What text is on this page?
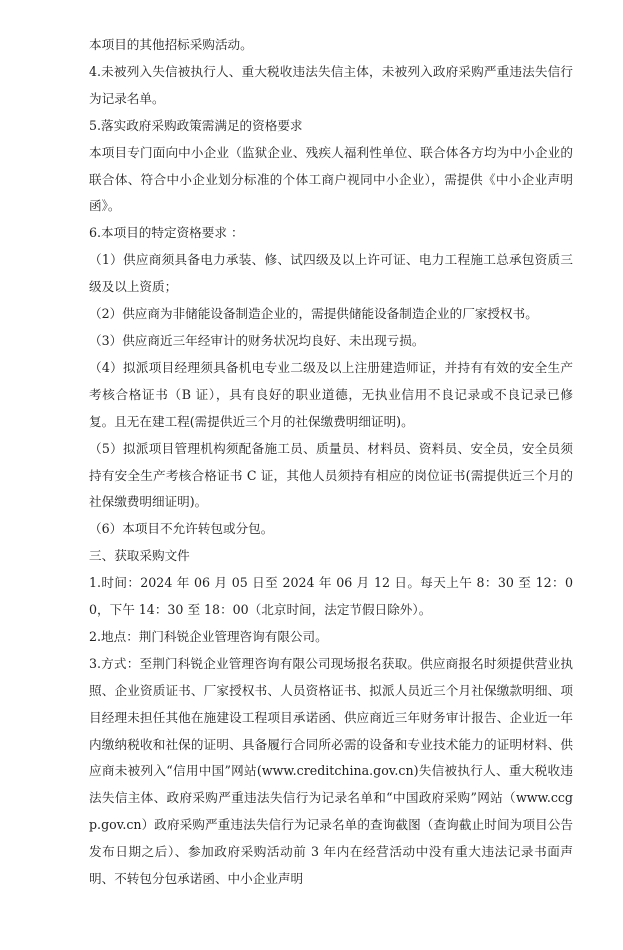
本项目的其他招标采购活动。

4.未被列入失信被执行人、重大税收违法失信主体，未被列入政府采购严重违法失信行为记录名单。

5.落实政府采购政策需满足的资格要求

本项目专门面向中小企业（监狱企业、残疾人福利性单位、联合体各方均为中小企业的联合体、符合中小企业划分标准的个体工商户视同中小企业），需提供《中小企业声明函》。

6.本项目的特定资格要求 ：

（1）供应商须具备电力承装、修、试四级及以上许可证、电力工程施工总承包资质三级及以上资质；

（2）供应商为非储能设备制造企业的，需提供储能设备制造企业的厂家授权书。

（3）供应商近三年经审计的财务状况均良好、未出现亏损。

（4）拟派项目经理须具备机电专业二级及以上注册建造师证，并持有有效的安全生产考核合格证书（B 证），具有良好的职业道德，无执业信用不良记录或不良记录已修复。且无在建工程(需提供近三个月的社保缴费明细证明)。

（5）拟派项目管理机构须配备施工员、质量员、材料员、资料员、安全员，安全员须持有安全生产考核合格证书 C 证，其他人员须持有相应的岗位证书(需提供近三个月的社保缴费明细证明)。

（6）本项目不允许转包或分包。

三、获取采购文件

1.时间：2024 年 06 月 05 日至 2024 年 06 月 12 日。每天上午 8：30 至 12：00，下午 14：30 至 18：00（北京时间，法定节假日除外）。

2.地点：荆门科锐企业管理咨询有限公司。

3.方式：至荆门科锐企业管理咨询有限公司现场报名获取。供应商报名时须提供营业执照、企业资质证书、厂家授权书、人员资格证书、拟派人员近三个月社保缴款明细、项目经理未担任其他在施建设工程项目承诺函、供应商近三年财务审计报告、企业近一年内缴纳税收和社保的证明、具备履行合同所必需的设备和专业技术能力的证明材料、供应商未被列入“信用中国”网站(www.creditchina.gov.cn)失信被执行人、重大税收违法失信主体、政府采购严重违法失信行为记录名单和“中国政府采购”网站（www.ccgp.gov.cn）政府采购严重违法失信行为记录名单的查询截图（查询截止时间为项目公告发布日期之后）、参加政府采购活动前 3 年内在经营活动中没有重大违法记录书面声明、不转包分包承诺函、中小企业声明
